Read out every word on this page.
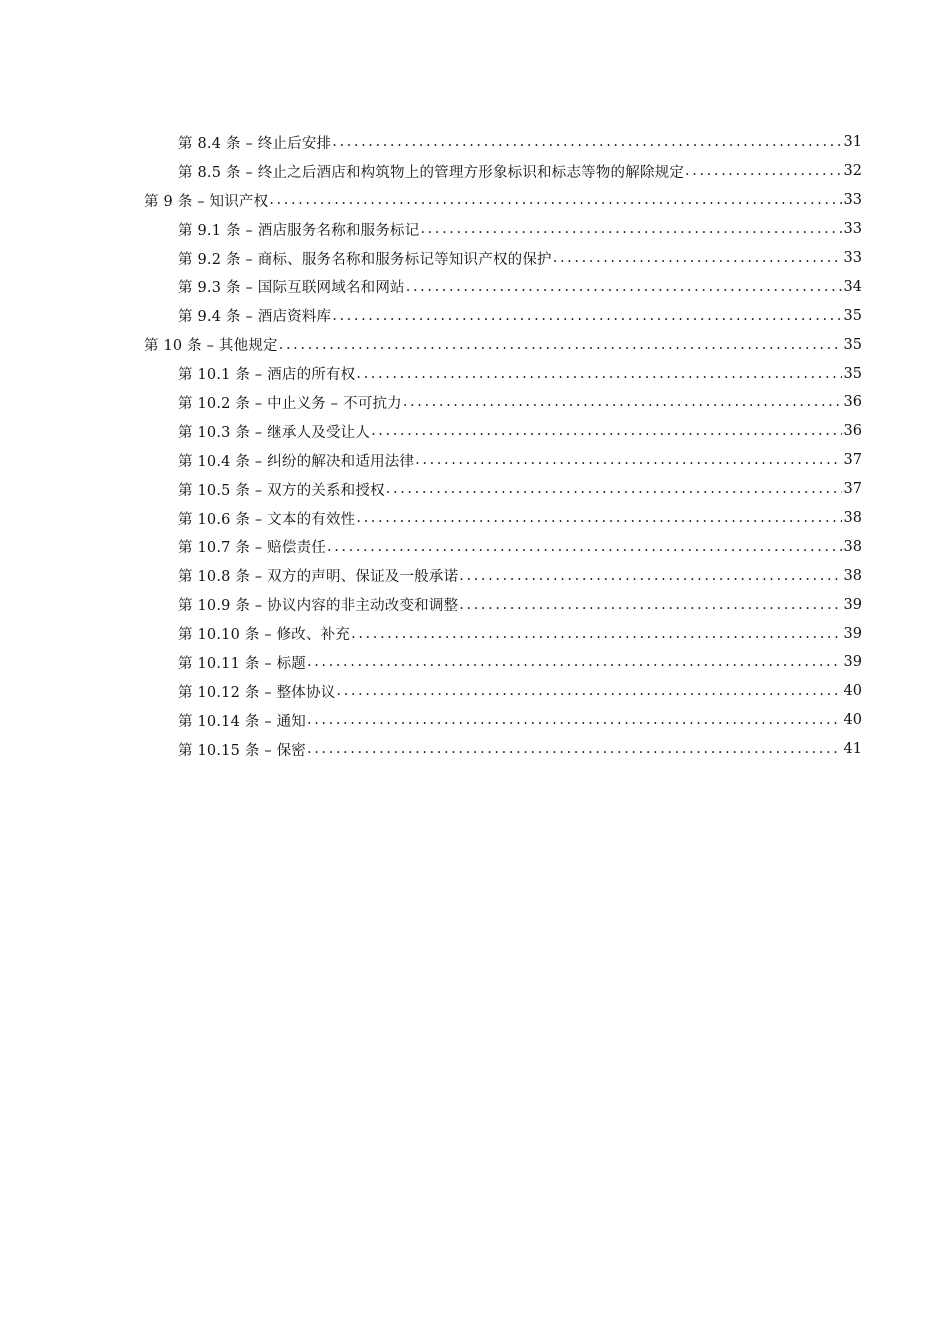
第 8.4 条 – 终止后安排 .....	31
第 8.5 条 – 终止之后酒店和构筑物上的管理方形象标识和标志等物的解除规定 .....	32
第 9 条 – 知识产权 .....	33
第 9.1 条 – 酒店服务名称和服务标记 .....	33
第 9.2 条 – 商标、服务名称和服务标记等知识产权的保护 .....	33
第 9.3 条 – 国际互联网域名和网站 .....	34
第 9.4 条 – 酒店资料库 .....	35
第 10 条 – 其他规定 .....	35
第 10.1 条 – 酒店的所有权 .....	35
第 10.2 条 – 中止义务 – 不可抗力 .....	36
第 10.3 条 – 继承人及受让人 .....	36
第 10.4 条 – 纠纷的解决和适用法律 .....	37
第 10.5 条 – 双方的关系和授权 .....	37
第 10.6 条 – 文本的有效性 .....	38
第 10.7 条 – 赔偿责任 .....	38
第 10.8 条 – 双方的声明、保证及一般承诺 .....	38
第 10.9 条 – 协议内容的非主动改变和调整 .....	39
第 10.10 条 – 修改、补充 .....	39
第 10.11 条 – 标题 .....	39
第 10.12 条 – 整体协议 .....	40
第 10.14 条 – 通知 .....	40
第 10.15 条 – 保密 .....	41
